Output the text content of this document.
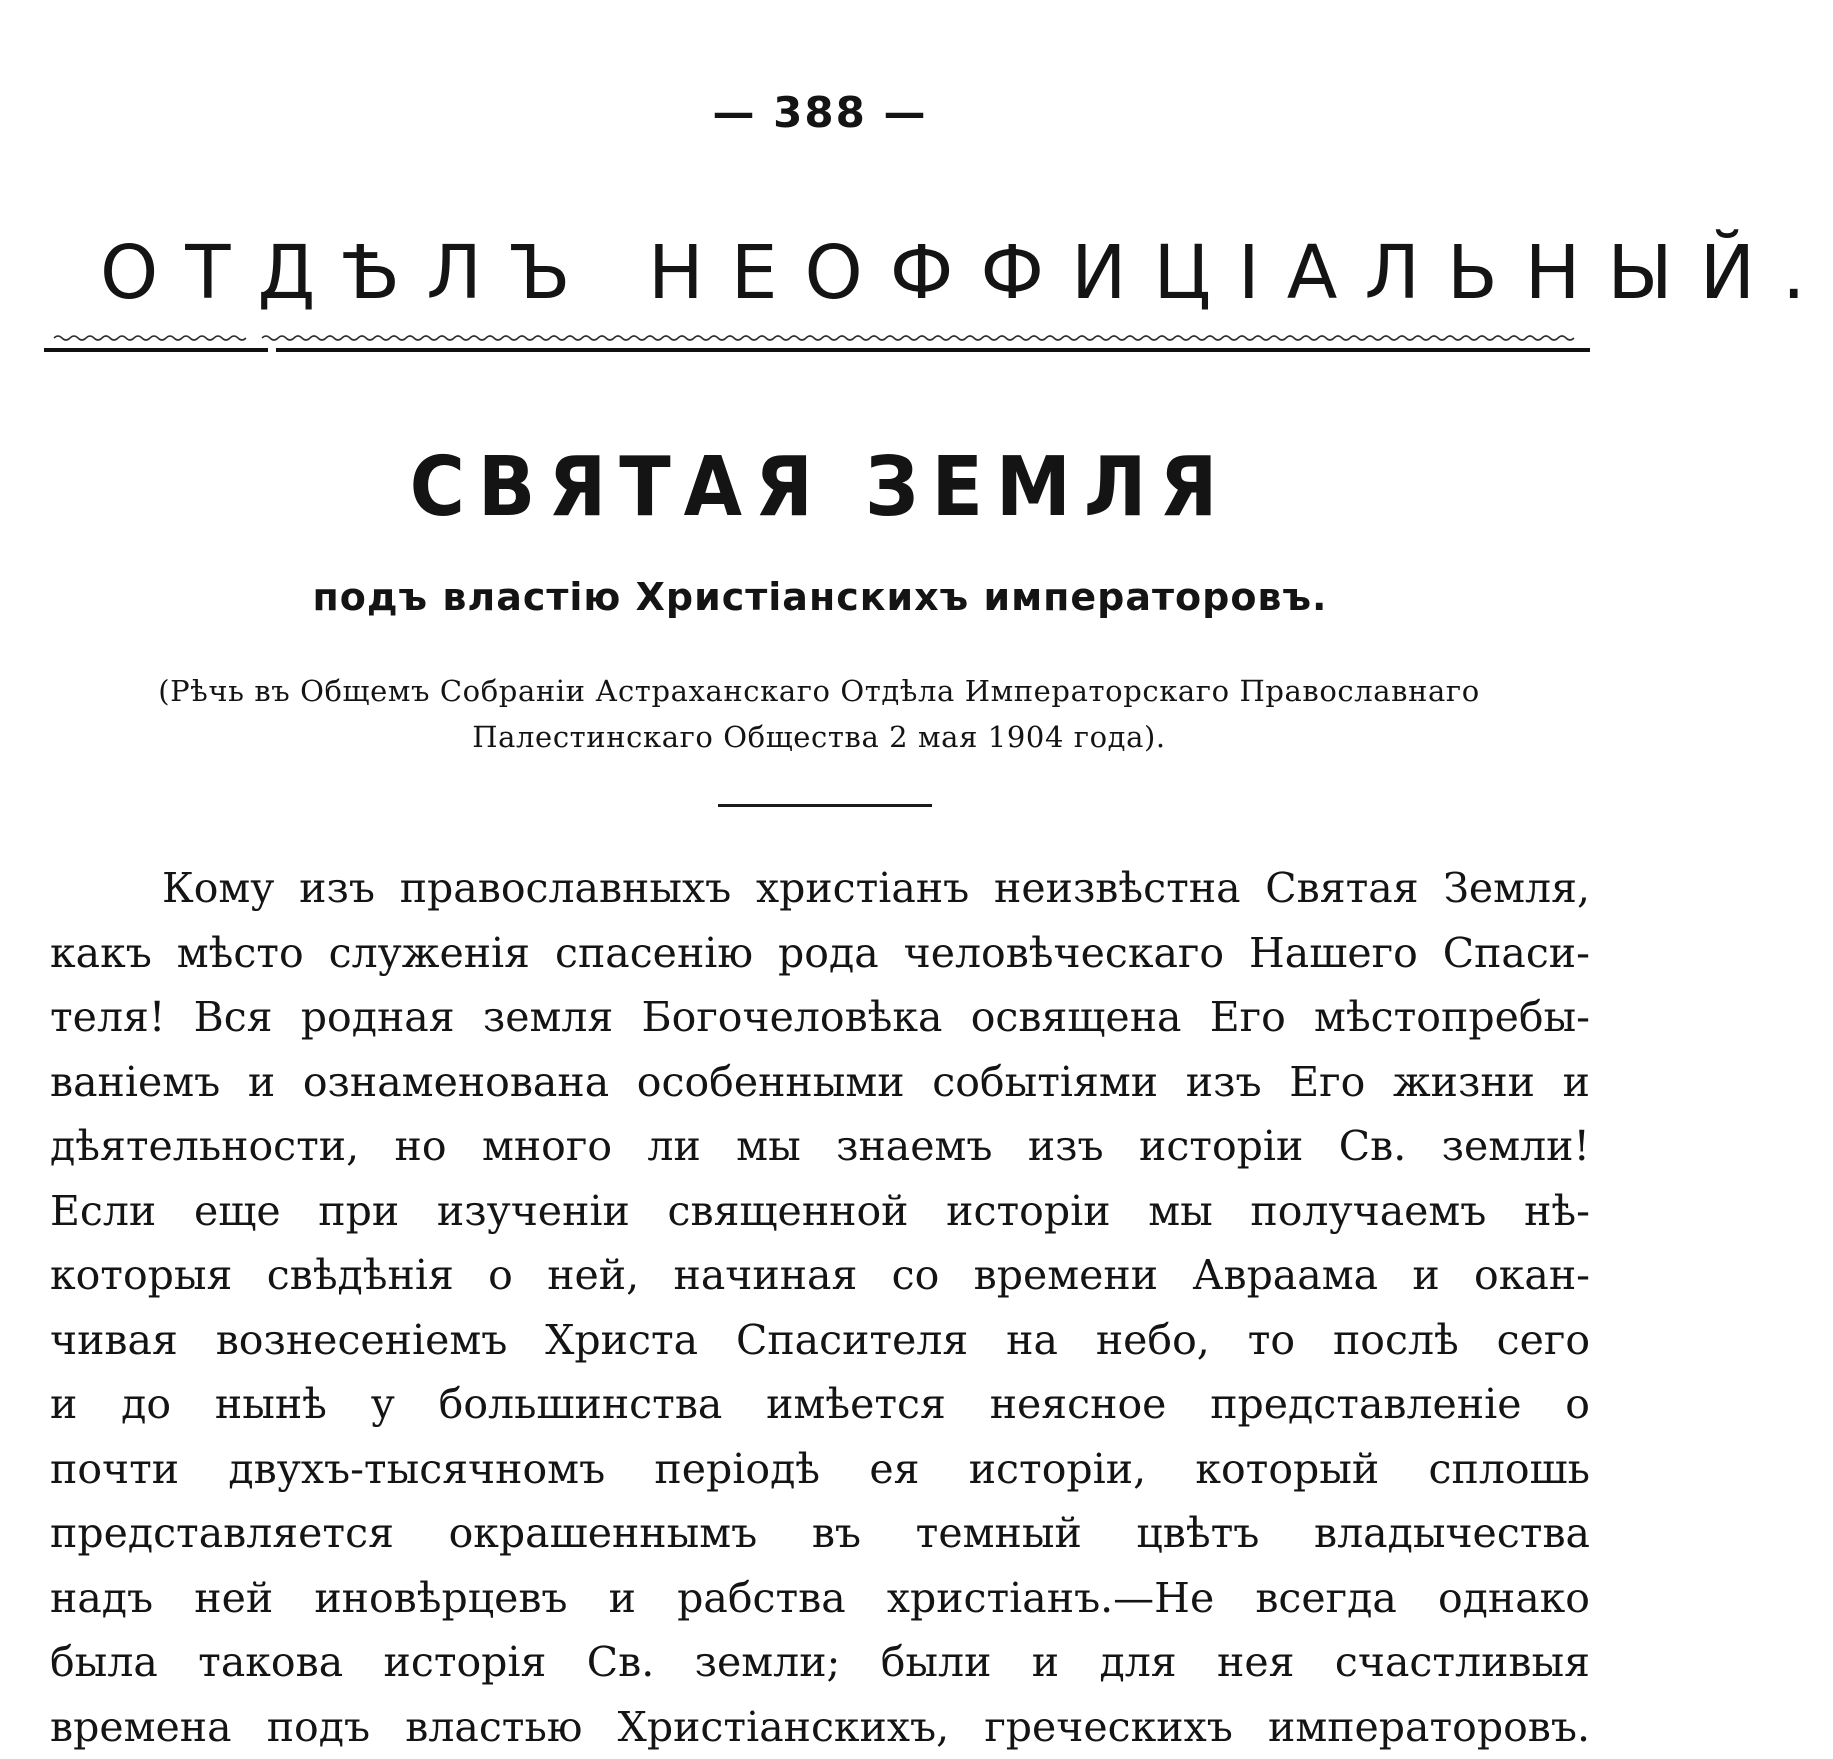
— 388 —
ОТДѢЛЪ НЕОФФИЦІАЛЬНЫЙ.
СВЯТАЯ ЗЕМЛЯ
подъ властію Христіанскихъ императоровъ.
(Рѣчь въ Общемъ Собраніи Астраханскаго Отдѣла Императорскаго Православнаго
Палестинскаго Общества 2 мая 1904 года).
Кому изъ православныхъ христіанъ неизвѣстна Святая Земля,
какъ мѣсто служенія спасенію рода человѣческаго Нашего Спаси-
теля! Вся родная земля Богочеловѣка освящена Его мѣстопребы-
ваніемъ и ознаменована особенными событіями изъ Его жизни и
дѣятельности, но много ли мы знаемъ изъ исторіи Св. земли!
Если еще при изученіи священной исторіи мы получаемъ нѣ-
которыя свѣдѣнія о ней, начиная со времени Авраама и окан-
чивая вознесеніемъ Христа Спасителя на небо, то послѣ сего
и до нынѣ у большинства имѣется неясное представленіе о
почти двухъ-тысячномъ періодѣ ея исторіи, который сплошь
представляется окрашеннымъ въ темный цвѣтъ владычества
надъ ней иновѣрцевъ и рабства христіанъ.—Не всегда однако
была такова исторія Св. земли; были и для нея счастливыя
времена подъ властью Христіанскихъ, греческихъ императоровъ.
